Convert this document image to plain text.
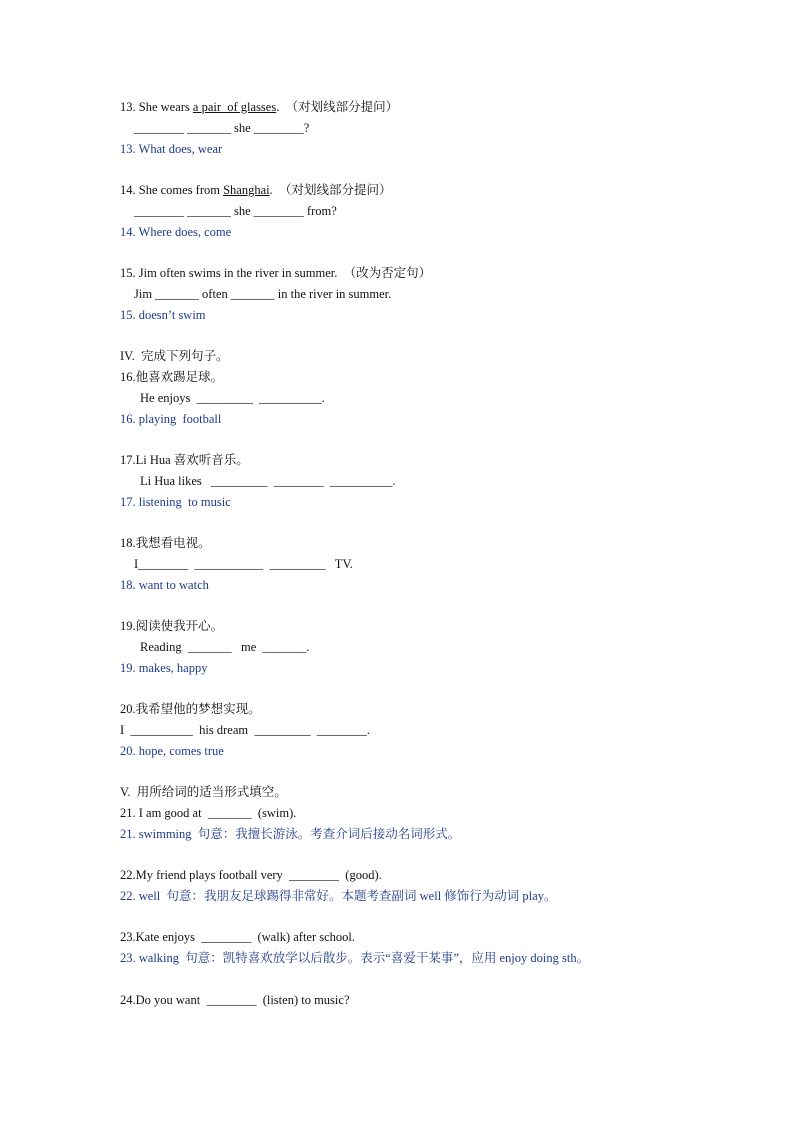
13. She wears a pair  of glasses.  （对划线部分提问）
________ _______ she ________?
13. What does, wear
14. She comes from Shanghai.  （对划线部分提问）
________ _______ she ________ from?
14. Where does, come
15. Jim often swims in the river in summer.  （改为否定句）
Jim _______ often _______ in the river in summer.
15. doesn’t swim
IV.  完成下列句子。
16.他喜欢踢足球。
He enjoys  _________  __________.
16. playing  football
17.Li Hua 喜欢听音乐。
Li Hua likes   _________  ________  __________.
17. listening  to music
18.我想看电视。
I________  ___________  _________   TV.
18. want to watch
19.阅读使我开心。
Reading  _______   me  _______.
19. makes, happy
20.我希望他的梦想实现。
I  __________  his dream  _________  ________.
20. hope, comes true
V.  用所给词的适当形式填空。
21. I am good at  _______  (swim).
21. swimming  句意：我擅长游泳。考查介词后接动名词形式。
22.My friend plays football very  ________  (good).
22. well  句意：我朋友足球踢得非常好。本题考查副词 well 修饰行为动词 play。
23.Kate enjoys  ________  (walk) after school.
23. walking  句意：凯特喜欢放学以后散步。表示“喜爱干某事”，应用 enjoy doing sth。
24.Do you want  ________  (listen) to music?
